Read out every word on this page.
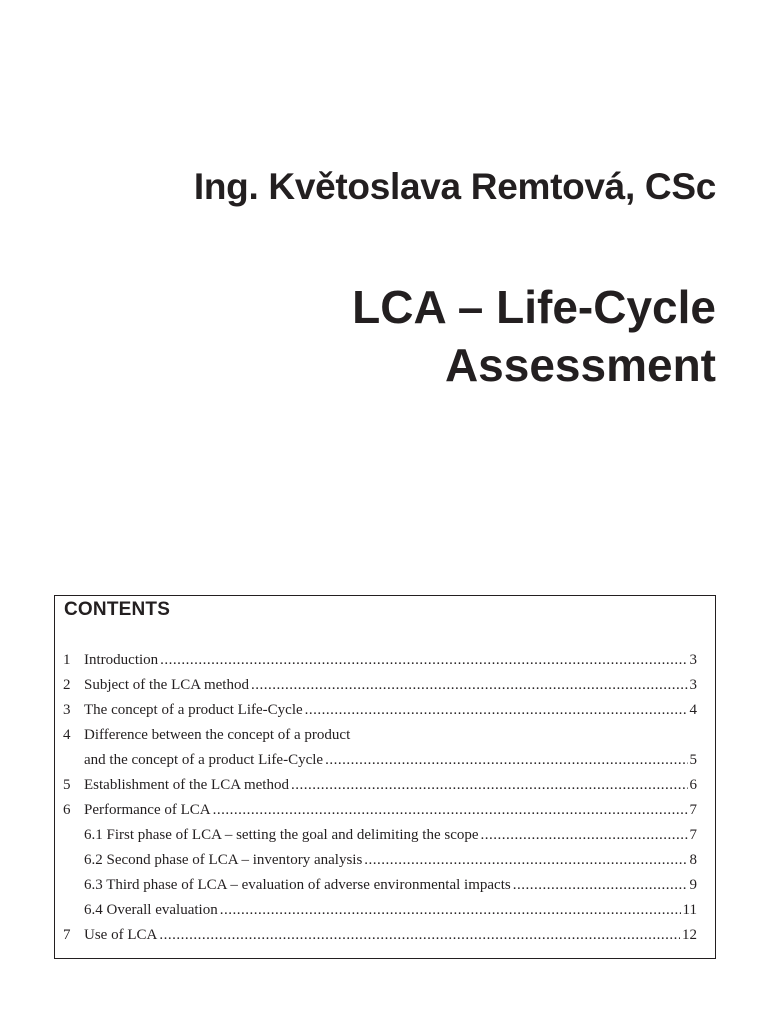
Ing. Květoslava Remtová, CSc
LCA – Life-Cycle
Assessment
CONTENTS
1 Introduction .....	3
2 Subject of the LCA method .....	3
3 The concept of a product Life-Cycle .....	4
4 Difference between the concept of a product
and the concept of a product Life-Cycle .....	5
5 Establishment of the LCA method .....	6
6 Performance of LCA .....	7
6.1 First phase of LCA – setting the goal and delimiting the scope .....	7
6.2 Second phase of LCA – inventory analysis .....	8
6.3 Third phase of LCA – evaluation of adverse environmental impacts .....	9
6.4 Overall evaluation .....	11
7 Use of LCA .....	12
